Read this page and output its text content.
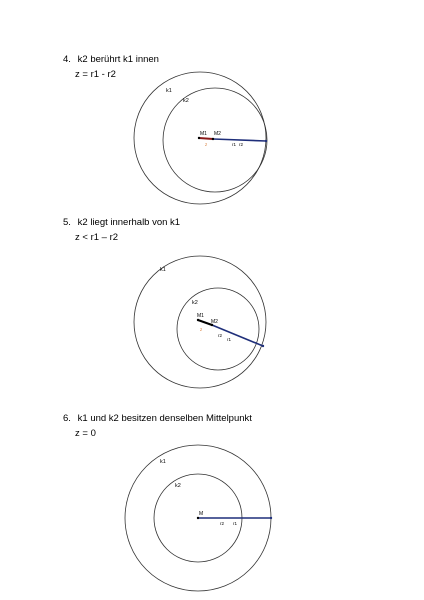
4. k2 berührt k1 innen
z = r1 - r2
k1
k2
M1 M2
z	r1 r2
k1
k2
M1
M2
z
r2
r1
k1
k2
M
r2 r1
5. k2 liegt innerhalb von k1
z < r1 – r2
6. k1 und k2 besitzen denselben Mittelpunkt
z = 0
